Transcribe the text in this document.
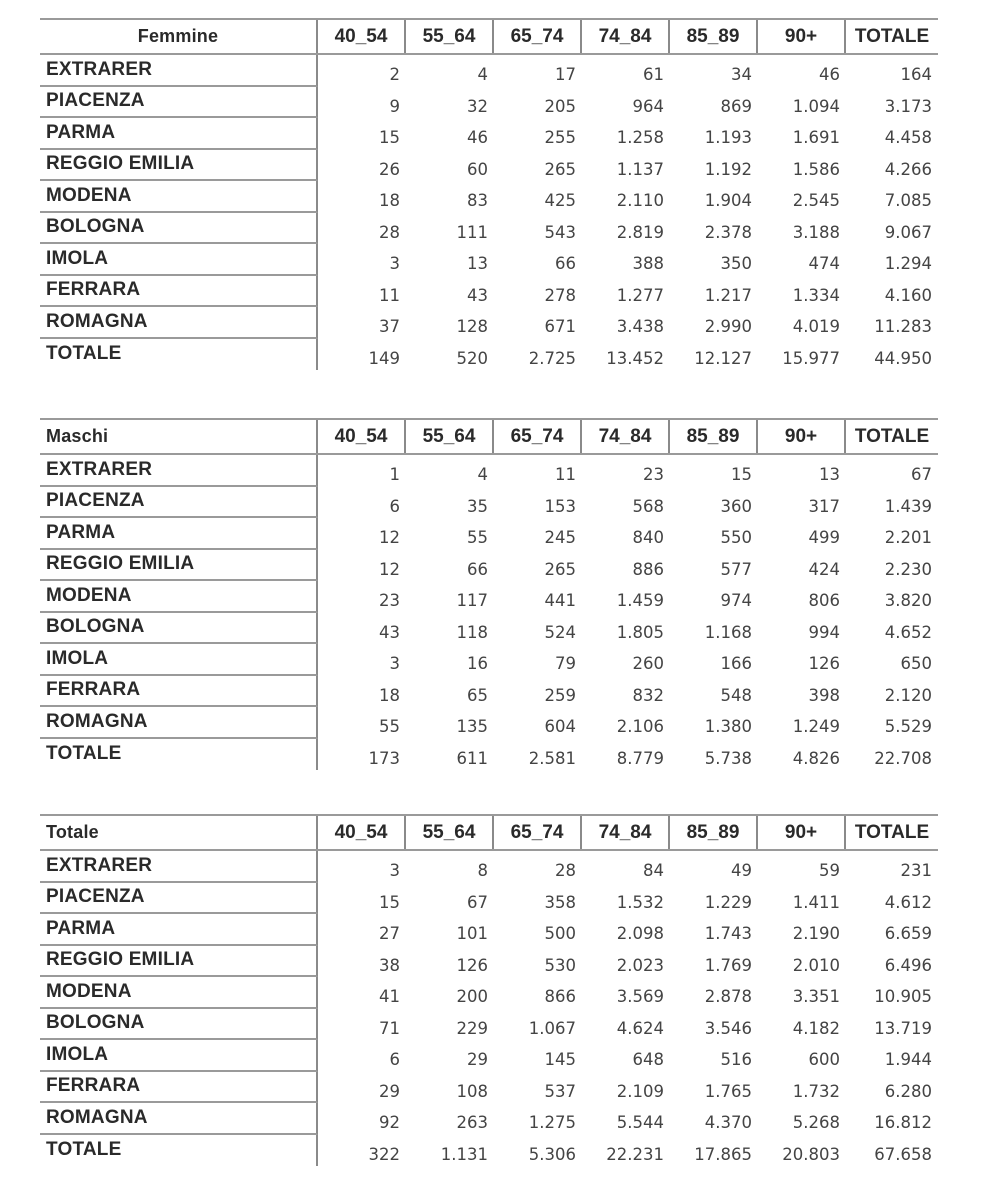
Femmine	40_54	55_64	65_74	74_84	85_89	90+	TOTALE
EXTRARER	2	4	17	61	34	46	164
PIACENZA	9	32	205	964	869	1.094	3.173
PARMA	15	46	255	1.258	1.193	1.691	4.458
REGGIO EMILIA	26	60	265	1.137	1.192	1.586	4.266
MODENA	18	83	425	2.110	1.904	2.545	7.085
BOLOGNA	28	111	543	2.819	2.378	3.188	9.067
IMOLA	3	13	66	388	350	474	1.294
FERRARA	11	43	278	1.277	1.217	1.334	4.160
ROMAGNA	37	128	671	3.438	2.990	4.019	11.283
TOTALE	149	520	2.725	13.452	12.127	15.977	44.950
Maschi	40_54	55_64	65_74	74_84	85_89	90+	TOTALE
EXTRARER	1	4	11	23	15	13	67
PIACENZA	6	35	153	568	360	317	1.439
PARMA	12	55	245	840	550	499	2.201
REGGIO EMILIA	12	66	265	886	577	424	2.230
MODENA	23	117	441	1.459	974	806	3.820
BOLOGNA	43	118	524	1.805	1.168	994	4.652
IMOLA	3	16	79	260	166	126	650
FERRARA	18	65	259	832	548	398	2.120
ROMAGNA	55	135	604	2.106	1.380	1.249	5.529
TOTALE	173	611	2.581	8.779	5.738	4.826	22.708
Totale	40_54	55_64	65_74	74_84	85_89	90+	TOTALE
EXTRARER	3	8	28	84	49	59	231
PIACENZA	15	67	358	1.532	1.229	1.411	4.612
PARMA	27	101	500	2.098	1.743	2.190	6.659
REGGIO EMILIA	38	126	530	2.023	1.769	2.010	6.496
MODENA	41	200	866	3.569	2.878	3.351	10.905
BOLOGNA	71	229	1.067	4.624	3.546	4.182	13.719
IMOLA	6	29	145	648	516	600	1.944
FERRARA	29	108	537	2.109	1.765	1.732	6.280
ROMAGNA	92	263	1.275	5.544	4.370	5.268	16.812
TOTALE	322	1.131	5.306	22.231	17.865	20.803	67.658
